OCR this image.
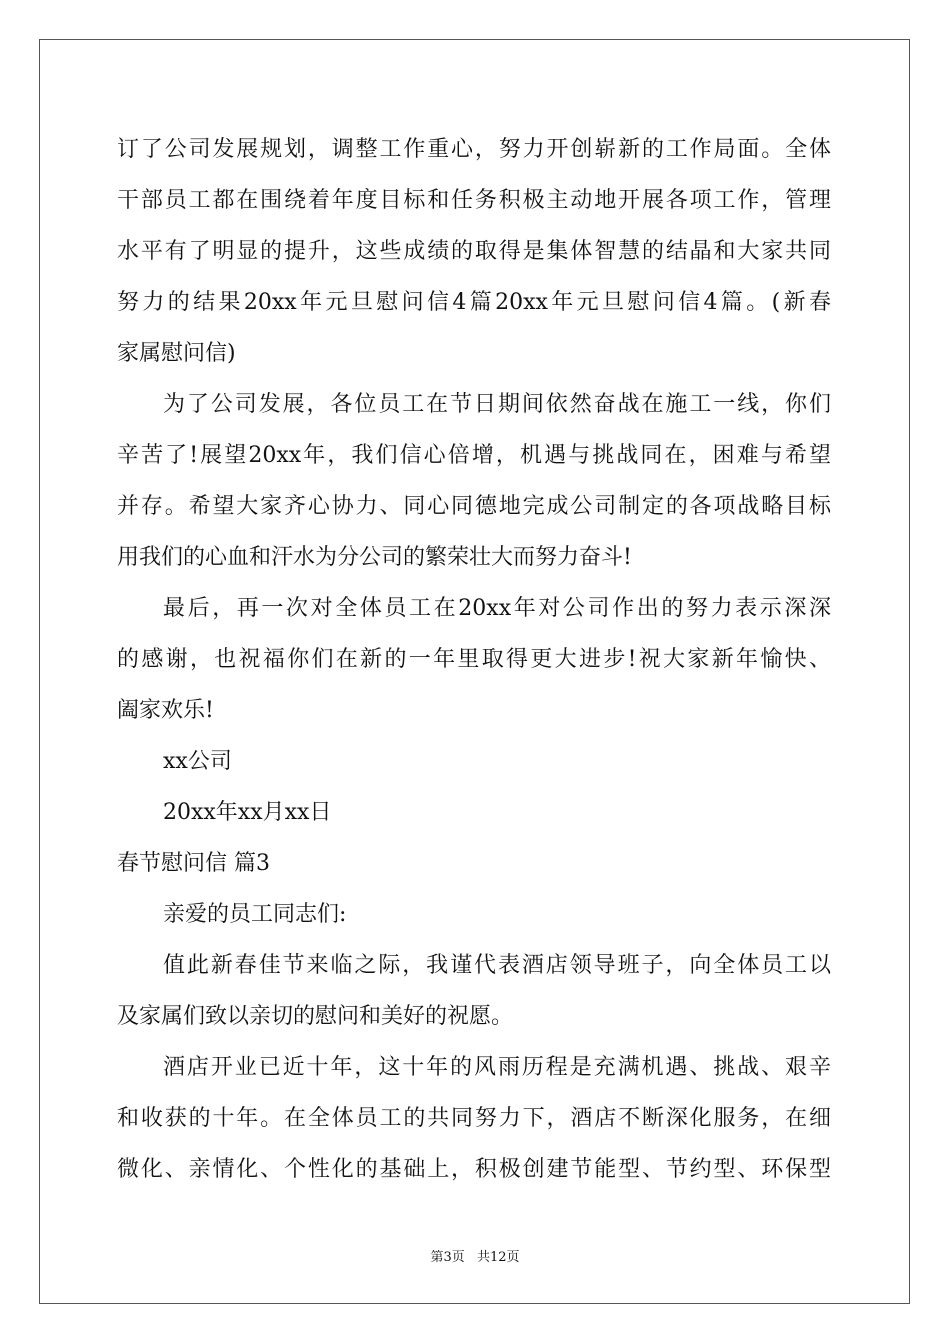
订了公司发展规划，调整工作重心，努力开创崭新的工作局面。全体
干部员工都在围绕着年度目标和任务积极主动地开展各项工作，管理
水平有了明显的提升，这些成绩的取得是集体智慧的结晶和大家共同
努力的结果20xx年元旦慰问信4篇20xx年元旦慰问信4篇。(新春
家属慰问信)
为了公司发展，各位员工在节日期间依然奋战在施工一线，你们
辛苦了!展望20xx年，我们信心倍增，机遇与挑战同在，困难与希望
并存。希望大家齐心协力、同心同德地完成公司制定的各项战略目标
用我们的心血和汗水为分公司的繁荣壮大而努力奋斗!
最后，再一次对全体员工在20xx年对公司作出的努力表示深深
的感谢，也祝福你们在新的一年里取得更大进步!祝大家新年愉快、
阖家欢乐!
xx公司
20xx年xx月xx日
春节慰问信 篇3
亲爱的员工同志们:
值此新春佳节来临之际，我谨代表酒店领导班子，向全体员工以
及家属们致以亲切的慰问和美好的祝愿。
酒店开业已近十年，这十年的风雨历程是充满机遇、挑战、艰辛
和收获的十年。在全体员工的共同努力下，酒店不断深化服务，在细
微化、亲情化、个性化的基础上，积极创建节能型、节约型、环保型
第3页 共12页
